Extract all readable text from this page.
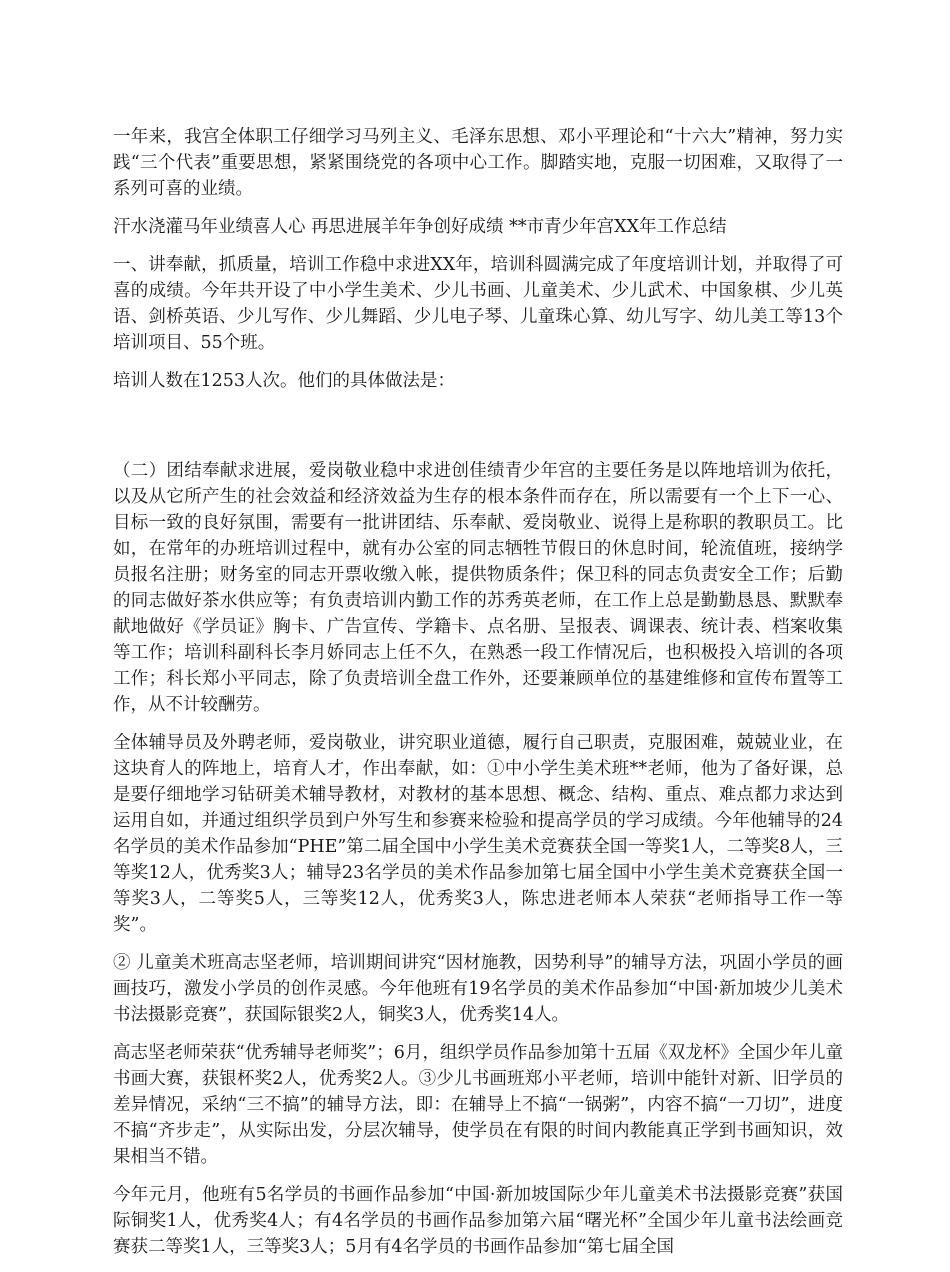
一年来，我宫全体职工仔细学习马列主义、毛泽东思想、邓小平理论和“十六大”精神，努力实践“三个代表”重要思想，紧紧围绕党的各项中心工作。脚踏实地，克服一切困难，又取得了一系列可喜的业绩。

汗水浇灌马年业绩喜人心 再思进展羊年争创好成绩 **市青少年宫XX年工作总结

一、讲奉献，抓质量，培训工作稳中求进XX年，培训科圆满完成了年度培训计划，并取得了可喜的成绩。今年共开设了中小学生美术、少儿书画、儿童美术、少儿武术、中国象棋、少儿英语、剑桥英语、少儿写作、少儿舞蹈、少儿电子琴、儿童珠心算、幼儿写字、幼儿美工等13个培训项目、55个班。

培训人数在1253人次。他们的具体做法是：

（二）团结奉献求进展，爱岗敬业稳中求进创佳绩青少年宫的主要任务是以阵地培训为依托，以及从它所产生的社会效益和经济效益为生存的根本条件而存在，所以需要有一个上下一心、目标一致的良好氛围，需要有一批讲团结、乐奉献、爱岗敬业、说得上是称职的教职员工。比如，在常年的办班培训过程中，就有办公室的同志牺牲节假日的休息时间，轮流值班，接纳学员报名注册；财务室的同志开票收缴入帐，提供物质条件；保卫科的同志负责安全工作；后勤的同志做好茶水供应等；有负责培训内勤工作的苏秀英老师，在工作上总是勤勤恳恳、默默奉献地做好《学员证》胸卡、广告宣传、学籍卡、点名册、呈报表、调课表、统计表、档案收集等工作；培训科副科长李月娇同志上任不久，在熟悉一段工作情况后，也积极投入培训的各项工作；科长郑小平同志，除了负责培训全盘工作外，还要兼顾单位的基建维修和宣传布置等工作，从不计较酬劳。

全体辅导员及外聘老师，爱岗敬业，讲究职业道德，履行自己职责，克服困难，兢兢业业，在这块育人的阵地上，培育人才，作出奉献，如：①中小学生美术班**老师，他为了备好课，总是要仔细地学习钻研美术辅导教材，对教材的基本思想、概念、结构、重点、难点都力求达到运用自如，并通过组织学员到户外写生和参赛来检验和提高学员的学习成绩。今年他辅导的24名学员的美术作品参加“PHE”第二届全国中小学生美术竞赛获全国一等奖1人，二等奖8人，三等奖12人，优秀奖3人；辅导23名学员的美术作品参加第七届全国中小学生美术竞赛获全国一等奖3人，二等奖5人，三等奖12人，优秀奖3人，陈忠进老师本人荣获“老师指导工作一等奖”。

② 儿童美术班高志坚老师，培训期间讲究“因材施教，因势利导”的辅导方法，巩固小学员的画画技巧，激发小学员的创作灵感。今年他班有19名学员的美术作品参加“中国·新加坡少儿美术书法摄影竞赛”，获国际银奖2人，铜奖3人，优秀奖14人。

高志坚老师荣获“优秀辅导老师奖”；6月，组织学员作品参加第十五届《双龙杯》全国少年儿童书画大赛，获银杯奖2人，优秀奖2人。③少儿书画班郑小平老师，培训中能针对新、旧学员的差异情况，采纳“三不搞”的辅导方法，即：在辅导上不搞“一锅粥”，内容不搞“一刀切”，进度不搞“齐步走”，从实际出发，分层次辅导，使学员在有限的时间内教能真正学到书画知识，效果相当不错。

今年元月，他班有5名学员的书画作品参加“中国·新加坡国际少年儿童美术书法摄影竞赛”获国际铜奖1人，优秀奖4人；有4名学员的书画作品参加第六届“曙光杯”全国少年儿童书法绘画竞赛获二等奖1人，三等奖3人；5月有4名学员的书画作品参加“第七届全国
